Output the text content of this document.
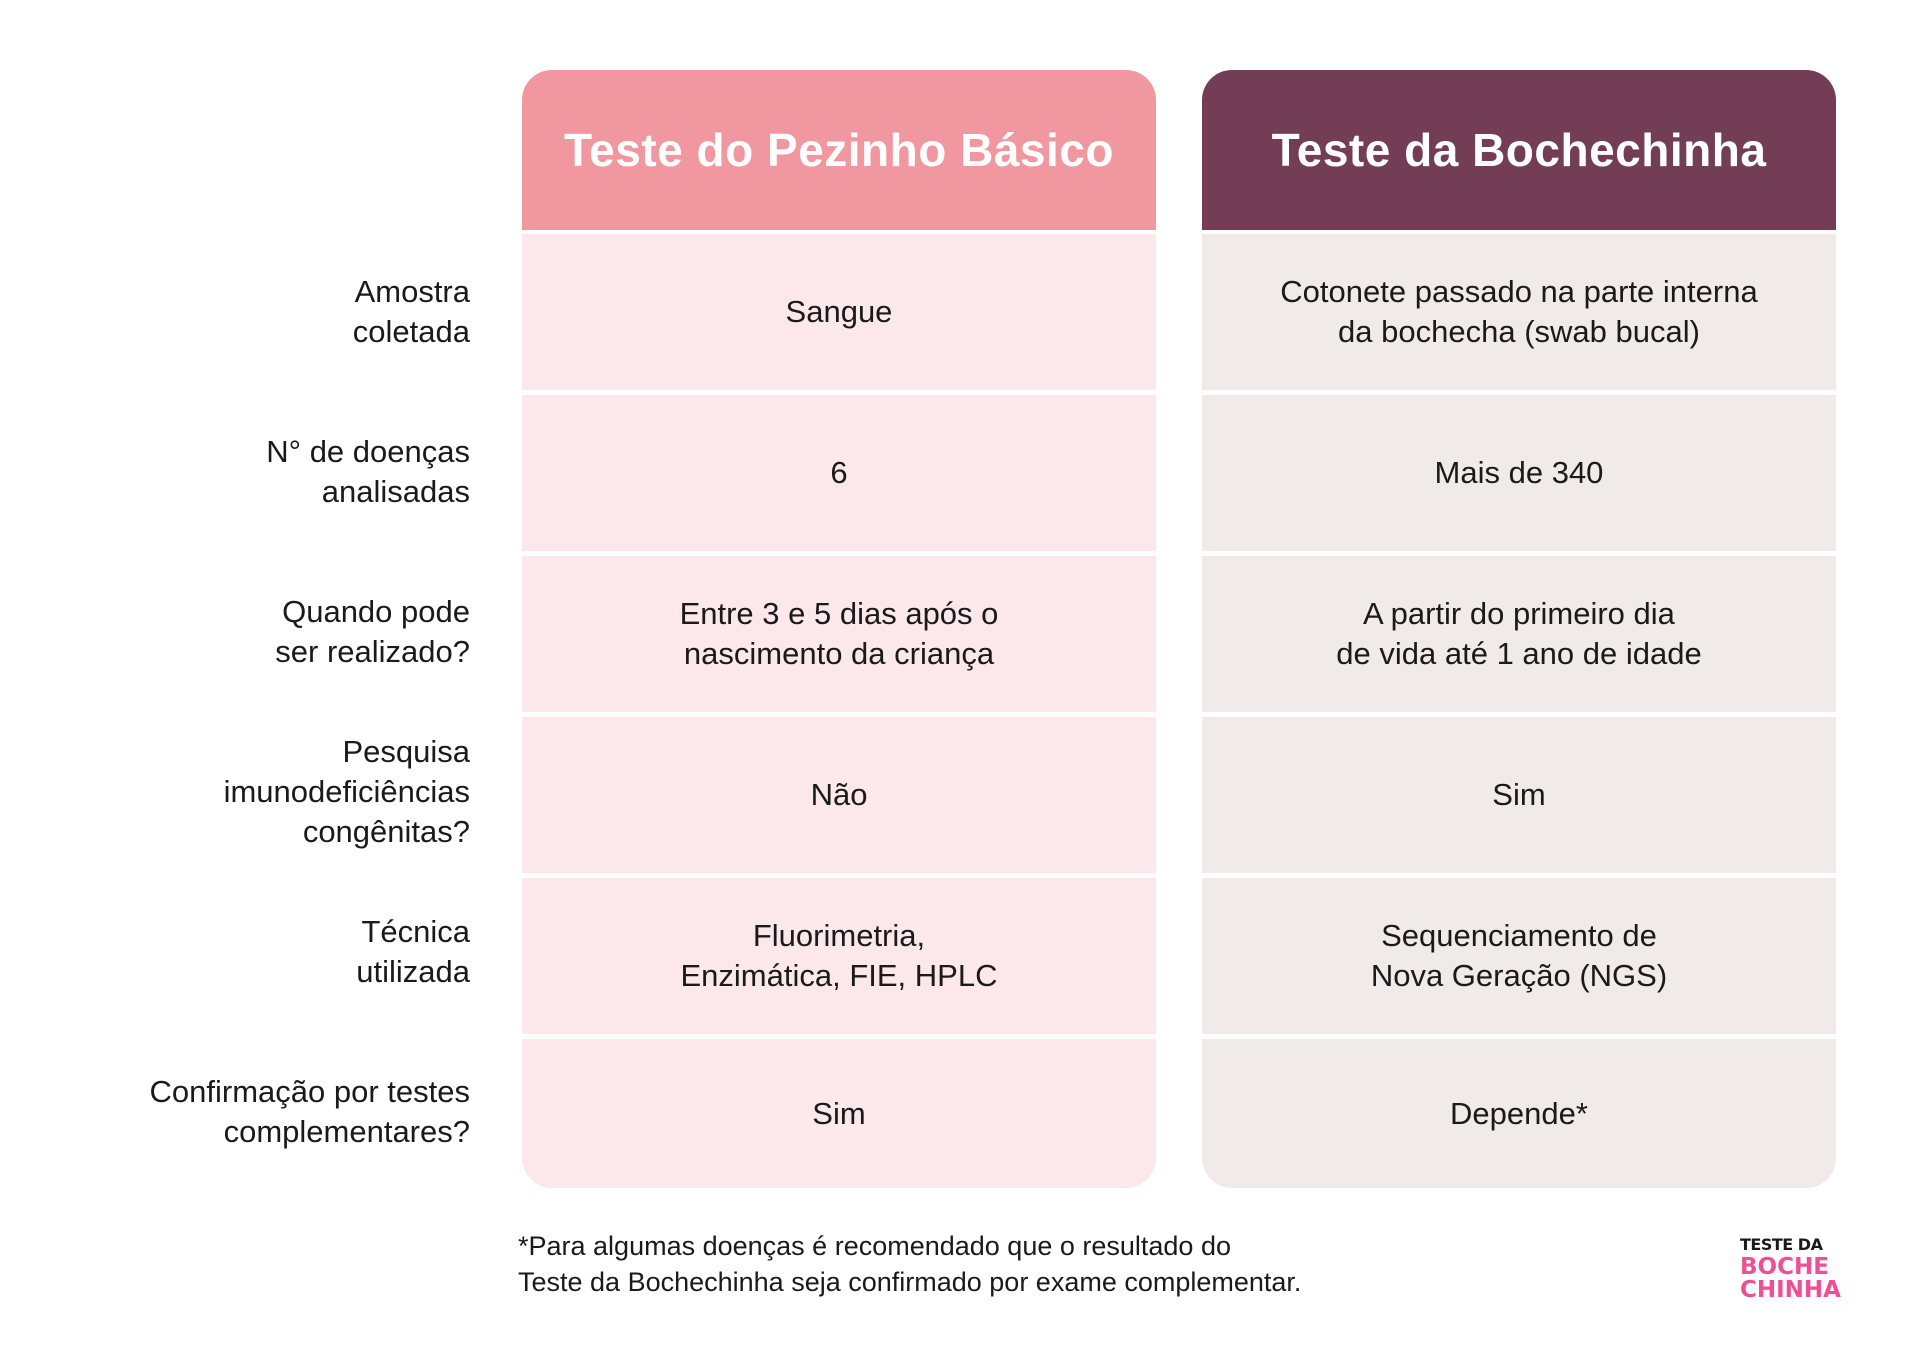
Amostra
coletada
N° de doenças
analisadas
Quando pode
ser realizado?
Pesquisa
imunodeficiências
congênitas?
Técnica
utilizada
Confirmação por testes
complementares?
Teste do Pezinho Básico
Sangue
6
Entre 3 e 5 dias após o
nascimento da criança
Não
Fluorimetria,
Enzimática, FIE, HPLC
Sim
Teste da Bochechinha
Cotonete passado na parte interna
da bochecha (swab bucal)
Mais de 340
A partir do primeiro dia
de vida até 1 ano de idade
Sim
Sequenciamento de
Nova Geração (NGS)
Depende*
*Para algumas doenças é recomendado que o resultado do
Teste da Bochechinha seja confirmado por exame complementar.
TESTE DA
BOCHE
CHINHA
